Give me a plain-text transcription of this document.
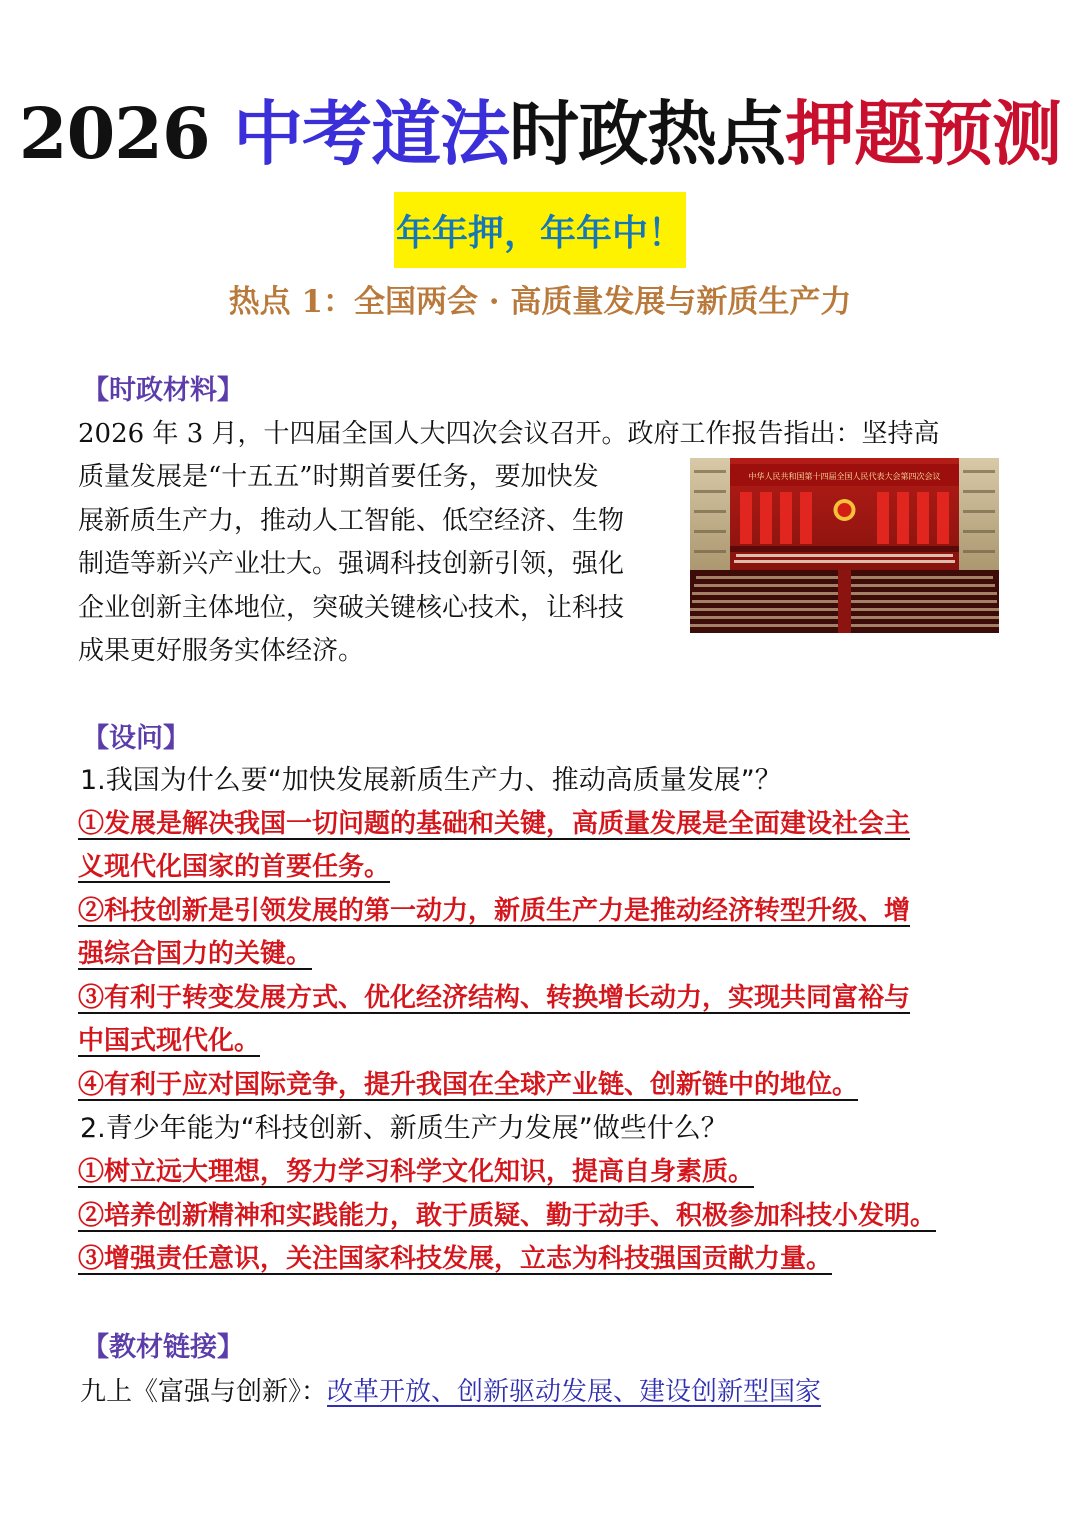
2026 中考道法时政热点押题预测
年年押，年年中！
热点 1：全国两会 · 高质量发展与新质生产力
【时政材料】
2026 年 3 月，十四届全国人大四次会议召开。政府工作报告指出：坚持高
质量发展是“十五五”时期首要任务，要加快发
展新质生产力，推动人工智能、低空经济、生物
制造等新兴产业壮大。强调科技创新引领，强化
企业创新主体地位，突破关键核心技术，让科技
成果更好服务实体经济。
中华人民共和国第十四届全国人民代表大会第四次会议
【设问】
1.我国为什么要“加快发展新质生产力、推动高质量发展”？
①发展是解决我国一切问题的基础和关键，高质量发展是全面建设社会主
义现代化国家的首要任务。
②科技创新是引领发展的第一动力，新质生产力是推动经济转型升级、增
强综合国力的关键。
③有利于转变发展方式、优化经济结构、转换增长动力，实现共同富裕与
中国式现代化。
④有利于应对国际竞争，提升我国在全球产业链、创新链中的地位。
2.青少年能为“科技创新、新质生产力发展”做些什么？
①树立远大理想，努力学习科学文化知识，提高自身素质。
②培养创新精神和实践能力，敢于质疑、勤于动手、积极参加科技小发明。
③增强责任意识，关注国家科技发展，立志为科技强国贡献力量。
【教材链接】
九上《富强与创新》：改革开放、创新驱动发展、建设创新型国家
